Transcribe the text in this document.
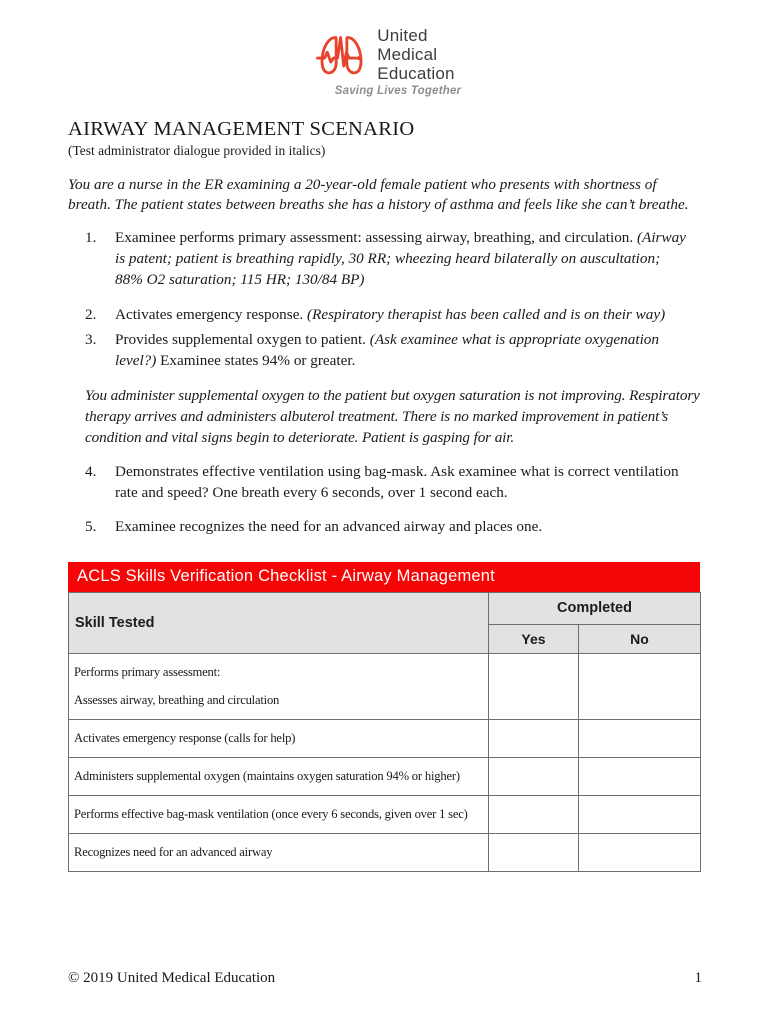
United
Medical
Education
Saving Lives Together
AIRWAY MANAGEMENT SCENARIO
(Test administrator dialogue provided in italics)

You are a nurse in the ER examining a 20-year-old female patient who presents with shortness of breath. The patient states between breaths she has a history of asthma and feels like she can’t breathe.

1. Examinee performs primary assessment: assessing airway, breathing, and circulation. (Airway is patent; patient is breathing rapidly, 30 RR; wheezing heard bilaterally on auscultation; 88% O2 saturation; 115 HR; 130/84 BP)
2. Activates emergency response. (Respiratory therapist has been called and is on their way)
3. Provides supplemental oxygen to patient. (Ask examinee what is appropriate oxygenation level?) Examinee states 94% or greater.

You administer supplemental oxygen to the patient but oxygen saturation is not improving. Respiratory therapy arrives and administers albuterol treatment. There is no marked improvement in patient’s condition and vital signs begin to deteriorate. Patient is gasping for air.

4. Demonstrates effective ventilation using bag-mask. Ask examinee what is correct ventilation rate and speed? One breath every 6 seconds, over 1 second each.
5. Examinee recognizes the need for an advanced airway and places one.
ACLS Skills Verification Checklist - Airway Management
Skill Tested	Completed	
	Yes	No

Performs primary assessment:
Assesses airway, breathing and circulation		

Activates emergency response (calls for help)		

Administers supplemental oxygen (maintains oxygen saturation 94% or higher)		

Performs effective bag-mask ventilation (once every 6 seconds, given over 1 sec)		

Recognizes need for an advanced airway		

© 2019 United Medical Education	1
